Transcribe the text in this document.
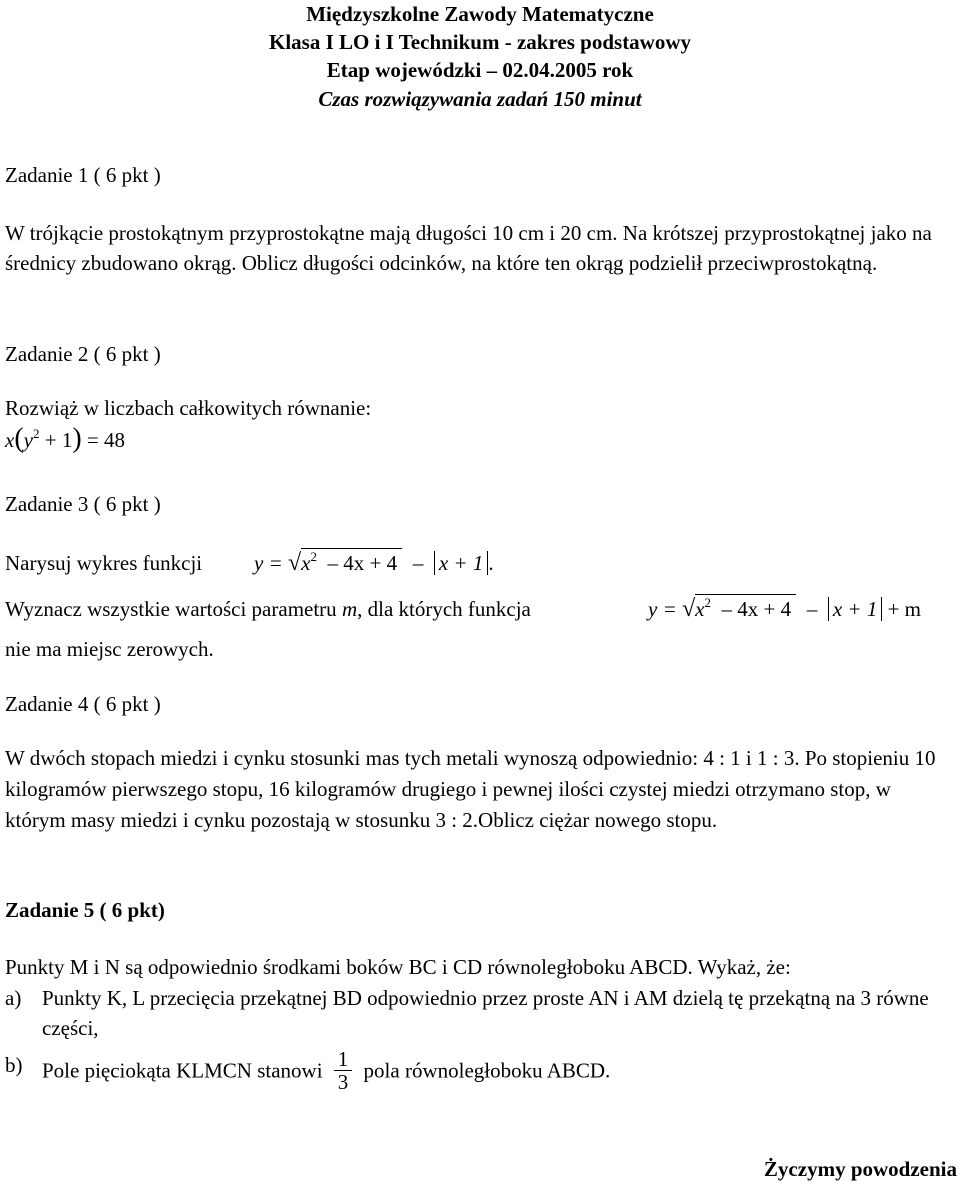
Międzyszkolne Zawody Matematyczne
Klasa I LO i I Technikum - zakres podstawowy
Etap wojewódzki – 02.04.2005 rok
Czas rozwiązywania zadań 150 minut
Zadanie 1 ( 6 pkt )
W trójkącie prostokątnym przyprostokątne mają długości 10 cm i 20 cm. Na krótszej przyprostokątnej jako na średnicy zbudowano okrąg. Oblicz długości odcinków, na które ten okrąg podzielił przeciwprostokątną.
Zadanie 2 ( 6 pkt )
Rozwiąż w liczbach całkowitych równanie:
$x(y^2 + 1) = 48$
Zadanie 3 ( 6 pkt )
Narysuj wykres funkcji $y = √x^2 - 4x + 4 - x + 1$ .
Wyznacz wszystkie wartości parametru m, dla których funkcja	$y = √x^2 - 4x + 4 - x + 1 + m$
nie ma miejsc zerowych.
Zadanie 4 ( 6 pkt )
W dwóch stopach miedzi i cynku stosunki mas tych metali wynoszą odpowiednio: 4 : 1 i 1 : 3. Po stopieniu 10 kilogramów pierwszego stopu, 16 kilogramów drugiego i pewnej ilości czystej miedzi otrzymano stop, w którym masy miedzi i cynku pozostają w stosunku 3 : 2.Oblicz ciężar nowego stopu.
Zadanie 5 ( 6 pkt)
Punkty M i N są odpowiednio środkami boków BC i CD równoległoboku ABCD. Wykaż, że:
a) Punkty K, L przecięcia przekątnej BD odpowiednio przez proste AN i AM dzielą tę przekątną na 3 równe części,
b) Pole pięciokąta KLMCN stanowi $\frac{1}{3}$ pola równoległoboku ABCD.
Życzymy powodzenia
